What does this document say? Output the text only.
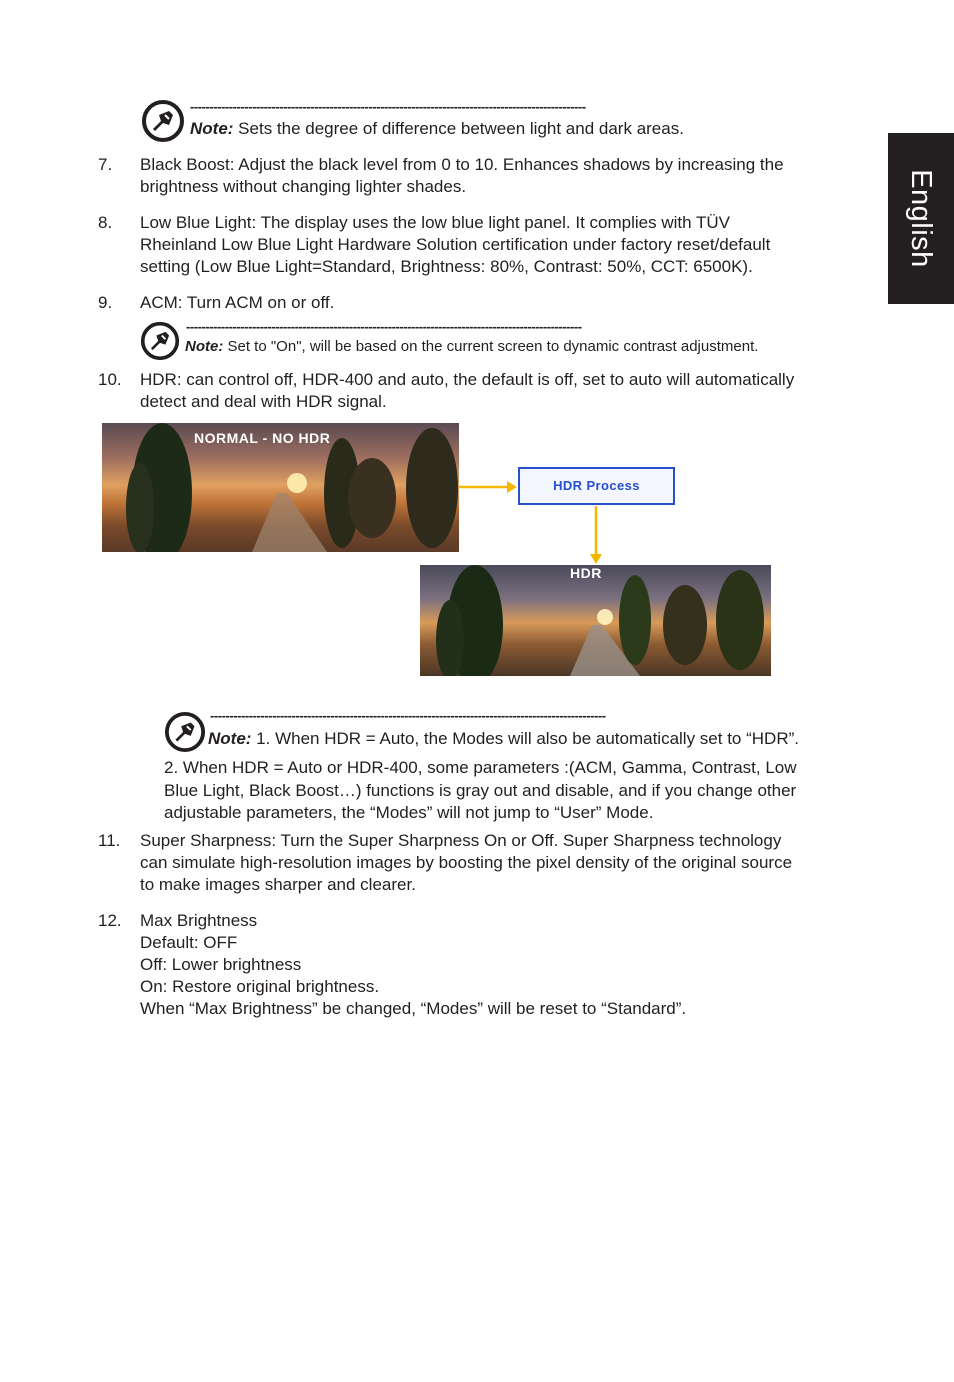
English
------------------------------------------------------------------------------------------------------
Note: Sets the degree of difference between light and dark areas.
7. Black Boost: Adjust the black level from 0 to 10. Enhances shadows by increasing the
brightness without changing lighter shades.
8. Low Blue Light: The display uses the low blue light panel. It complies with TÜV
Rheinland Low Blue Light Hardware Solution certification under factory reset/default
setting (Low Blue Light=Standard, Brightness: 80%, Contrast: 50%, CCT: 6500K).
9. ACM: Turn ACM on or off.
------------------------------------------------------------------------------------------------------
Note: Set to "On", will be based on the current screen to dynamic contrast adjustment.
10. HDR: can control off, HDR-400 and auto, the default is off, set to auto will automatically
detect and deal with HDR signal.
NORMAL - NO HDR
HDR Process
HDR
------------------------------------------------------------------------------------------------------
Note: 1. When HDR = Auto, the Modes will also be automatically set to “HDR”.
2. When HDR = Auto or HDR-400, some parameters :(ACM, Gamma, Contrast, Low
Blue Light, Black Boost…) functions is gray out and disable, and if you change other
adjustable parameters, the “Modes” will not jump to “User” Mode.
11. Super Sharpness: Turn the Super Sharpness On or Off. Super Sharpness technology
can simulate high-resolution images by boosting the pixel density of the original source
to make images sharper and clearer.
12. Max Brightness
Default: OFF
Off: Lower brightness
On: Restore original brightness.
When “Max Brightness” be changed, “Modes” will be reset to “Standard”.
